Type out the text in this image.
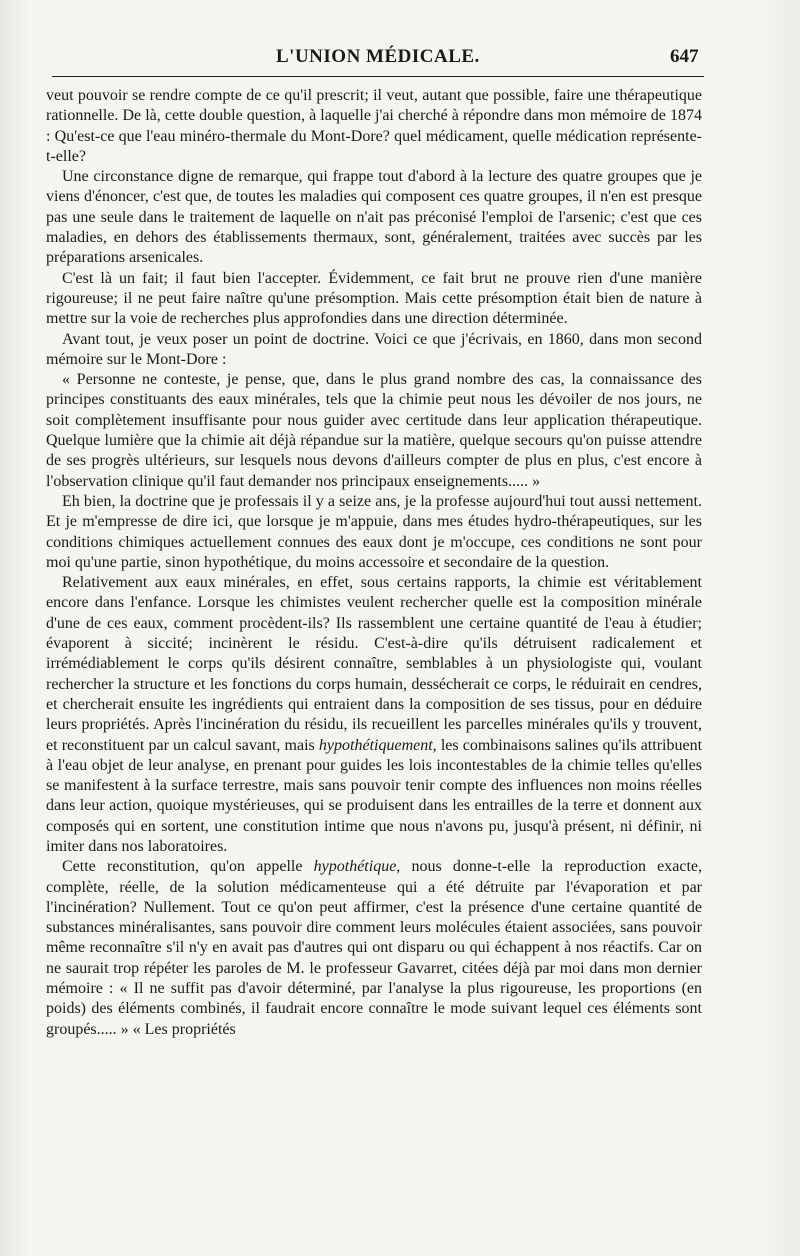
L'UNION MÉDICALE.	647

veut pouvoir se rendre compte de ce qu'il prescrit; il veut, autant que possible, faire une thérapeutique rationnelle. De là, cette double question, à laquelle j'ai cherché à répondre dans mon mémoire de 1874 : Qu'est-ce que l'eau minéro-thermale du Mont-Dore? quel médicament, quelle médication représente-t-elle?

Une circonstance digne de remarque, qui frappe tout d'abord à la lecture des quatre groupes que je viens d'énoncer, c'est que, de toutes les maladies qui composent ces quatre groupes, il n'en est presque pas une seule dans le traitement de laquelle on n'ait pas préconisé l'emploi de l'arsenic; c'est que ces maladies, en dehors des établissements thermaux, sont, généralement, traitées avec succès par les préparations arsenicales.

C'est là un fait; il faut bien l'accepter. Évidemment, ce fait brut ne prouve rien d'une manière rigoureuse; il ne peut faire naître qu'une présomption. Mais cette présomption était bien de nature à mettre sur la voie de recherches plus approfondies dans une direction déterminée.

Avant tout, je veux poser un point de doctrine. Voici ce que j'écrivais, en 1860, dans mon second mémoire sur le Mont-Dore :

« Personne ne conteste, je pense, que, dans le plus grand nombre des cas, la connaissance des principes constituants des eaux minérales, tels que la chimie peut nous les dévoiler de nos jours, ne soit complètement insuffisante pour nous guider avec certitude dans leur application thérapeutique. Quelque lumière que la chimie ait déjà répandue sur la matière, quelque secours qu'on puisse attendre de ses progrès ultérieurs, sur lesquels nous devons d'ailleurs compter de plus en plus, c'est encore à l'observation clinique qu'il faut demander nos principaux enseignements..... »

Eh bien, la doctrine que je professais il y a seize ans, je la professe aujourd'hui tout aussi nettement. Et je m'empresse de dire ici, que lorsque je m'appuie, dans mes études hydro-thérapeutiques, sur les conditions chimiques actuellement connues des eaux dont je m'occupe, ces conditions ne sont pour moi qu'une partie, sinon hypothétique, du moins accessoire et secondaire de la question.

Relativement aux eaux minérales, en effet, sous certains rapports, la chimie est véritablement encore dans l'enfance. Lorsque les chimistes veulent rechercher quelle est la composition minérale d'une de ces eaux, comment procèdent-ils? Ils rassemblent une certaine quantité de l'eau à étudier; évaporent à siccité; incinèrent le résidu. C'est-à-dire qu'ils détruisent radicalement et irrémédiablement le corps qu'ils désirent connaître, semblables à un physiologiste qui, voulant rechercher la structure et les fonctions du corps humain, dessécherait ce corps, le réduirait en cendres, et chercherait ensuite les ingrédients qui entraient dans la composition de ses tissus, pour en déduire leurs propriétés. Après l'incinération du résidu, ils recueillent les parcelles minérales qu'ils y trouvent, et reconstituent par un calcul savant, mais hypothétiquement, les combinaisons salines qu'ils attribuent à l'eau objet de leur analyse, en prenant pour guides les lois incontestables de la chimie telles qu'elles se manifestent à la surface terrestre, mais sans pouvoir tenir compte des influences non moins réelles dans leur action, quoique mystérieuses, qui se produisent dans les entrailles de la terre et donnent aux composés qui en sortent, une constitution intime que nous n'avons pu, jusqu'à présent, ni définir, ni imiter dans nos laboratoires.

Cette reconstitution, qu'on appelle hypothétique, nous donne-t-elle la reproduction exacte, complète, réelle, de la solution médicamenteuse qui a été détruite par l'évaporation et par l'incinération? Nullement. Tout ce qu'on peut affirmer, c'est la présence d'une certaine quantité de substances minéralisantes, sans pouvoir dire comment leurs molécules étaient associées, sans pouvoir même reconnaître s'il n'y en avait pas d'autres qui ont disparu ou qui échappent à nos réactifs. Car on ne saurait trop répéter les paroles de M. le professeur Gavarret, citées déjà par moi dans mon dernier mémoire : « Il ne suffit pas d'avoir déterminé, par l'analyse la plus rigoureuse, les proportions (en poids) des éléments combinés, il faudrait encore connaître le mode suivant lequel ces éléments sont groupés..... » « Les propriétés
